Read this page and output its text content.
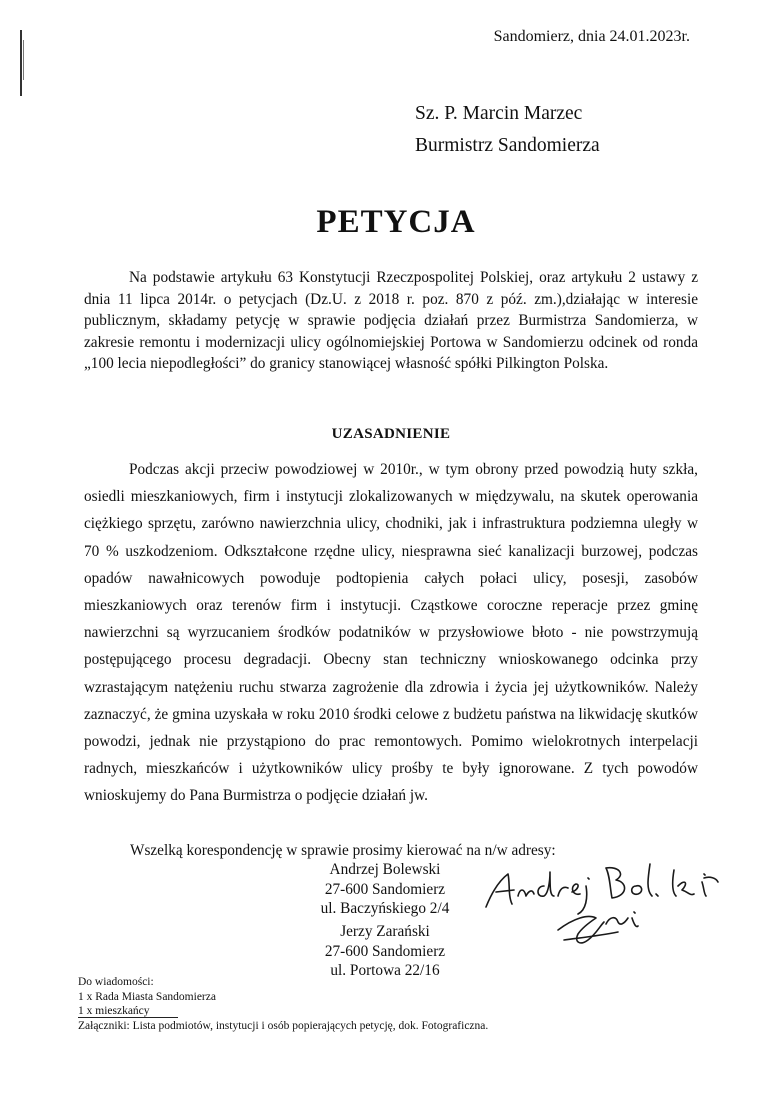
Sandomierz, dnia 24.01.2023r.
Sz. P. Marcin Marzec
Burmistrz Sandomierza
PETYCJA

Na podstawie artykułu 63 Konstytucji Rzeczpospolitej Polskiej, oraz artykułu 2 ustawy z dnia 11 lipca 2014r. o petycjach (Dz.U. z 2018 r. poz. 870 z póź. zm.),działając w interesie publicznym, składamy petycję w sprawie podjęcia działań przez Burmistrza Sandomierza, w zakresie remontu i modernizacji ulicy ogólnomiejskiej Portowa w Sandomierzu odcinek od ronda „100 lecia niepodległości” do granicy stanowiącej własność spółki Pilkington Polska.

UZASADNIENIE

Podczas akcji przeciw powodziowej w 2010r., w tym obrony przed powodzią huty szkła, osiedli mieszkaniowych, firm i instytucji zlokalizowanych w międzywalu, na skutek operowania ciężkiego sprzętu, zarówno nawierzchnia ulicy, chodniki, jak i infrastruktura podziemna uległy w 70 % uszkodzeniom. Odkształcone rzędne ulicy, niesprawna sieć kanalizacji burzowej, podczas opadów nawałnicowych powoduje podtopienia całych połaci ulicy, posesji, zasobów mieszkaniowych oraz terenów firm i instytucji. Cząstkowe coroczne reperacje przez gminę nawierzchni są wyrzucaniem środków podatników w przysłowiowe błoto - nie powstrzymują postępującego procesu degradacji. Obecny stan techniczny wnioskowanego odcinka przy wzrastającym natężeniu ruchu stwarza zagrożenie dla zdrowia i życia jej użytkowników. Należy zaznaczyć, że gmina uzyskała w roku 2010 środki celowe z budżetu państwa na likwidację skutków powodzi, jednak nie przystąpiono do prac remontowych. Pomimo wielokrotnych interpelacji radnych, mieszkańców i użytkowników ulicy prośby te były ignorowane. Z tych powodów wnioskujemy do Pana Burmistrza o podjęcie działań jw.

Wszelką korespondencję w sprawie prosimy kierować na n/w adresy:
Andrzej Bolewski
27-600 Sandomierz
ul. Baczyńskiego 2/4
Jerzy Zarański
27-600 Sandomierz
ul. Portowa 22/16
Do wiadomości:
1 x Rada Miasta Sandomierza
1 x mieszkańcy
Załączniki: Lista podmiotów, instytucji i osób popierających petycję, dok. Fotograficzna.
